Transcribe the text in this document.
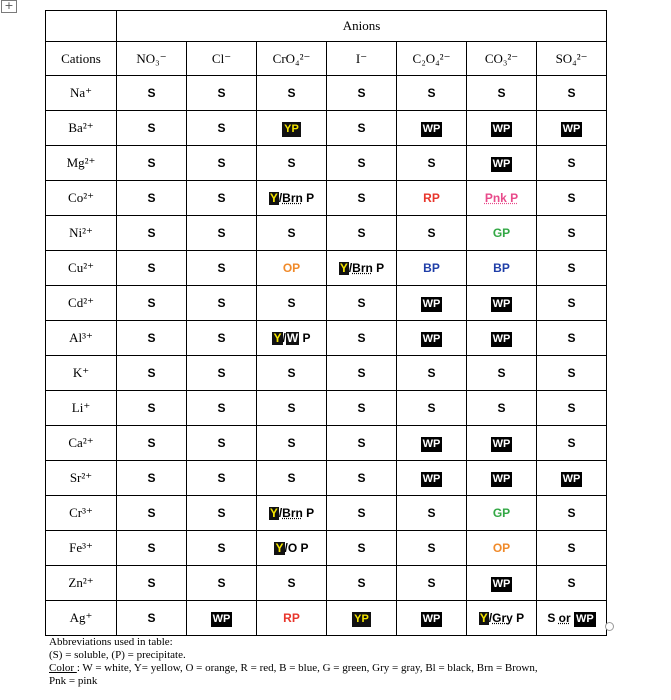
+
	Anions						
Cations	NO₃⁻	Cl⁻	CrO₄²⁻	I⁻	C₂O₄²⁻	CO₃²⁻	SO₄²⁻
Na⁺	S	S	S	S	S	S	S
Ba²⁺	S	S	YP	S	WP	WP	WP
Mg²⁺	S	S	S	S	S	WP	S
Co²⁺	S	S	Y/Brn P	S	RP	Pnk P	S
Ni²⁺	S	S	S	S	S	GP	S
Cu²⁺	S	S	OP	Y/Brn P	BP	BP	S
Cd²⁺	S	S	S	S	WP	WP	S
Al³⁺	S	S	Y/W P	S	WP	WP	S
K⁺	S	S	S	S	S	S	S
Li⁺	S	S	S	S	S	S	S
Ca²⁺	S	S	S	S	WP	WP	S
Sr²⁺	S	S	S	S	WP	WP	WP
Cr³⁺	S	S	Y/Brn P	S	S	GP	S
Fe³⁺	S	S	Y/O P	S	S	OP	S
Zn²⁺	S	S	S	S	S	WP	S
Ag⁺	S	WP	RP	YP	WP	Y/Gry P	S or WP
Abbreviations used in table:
(S) = soluble, (P) = precipitate.
Color : W = white, Y= yellow, O = orange, R = red, B = blue, G = green, Gry = gray, Bl = black, Brn = Brown,
Pnk = pink
